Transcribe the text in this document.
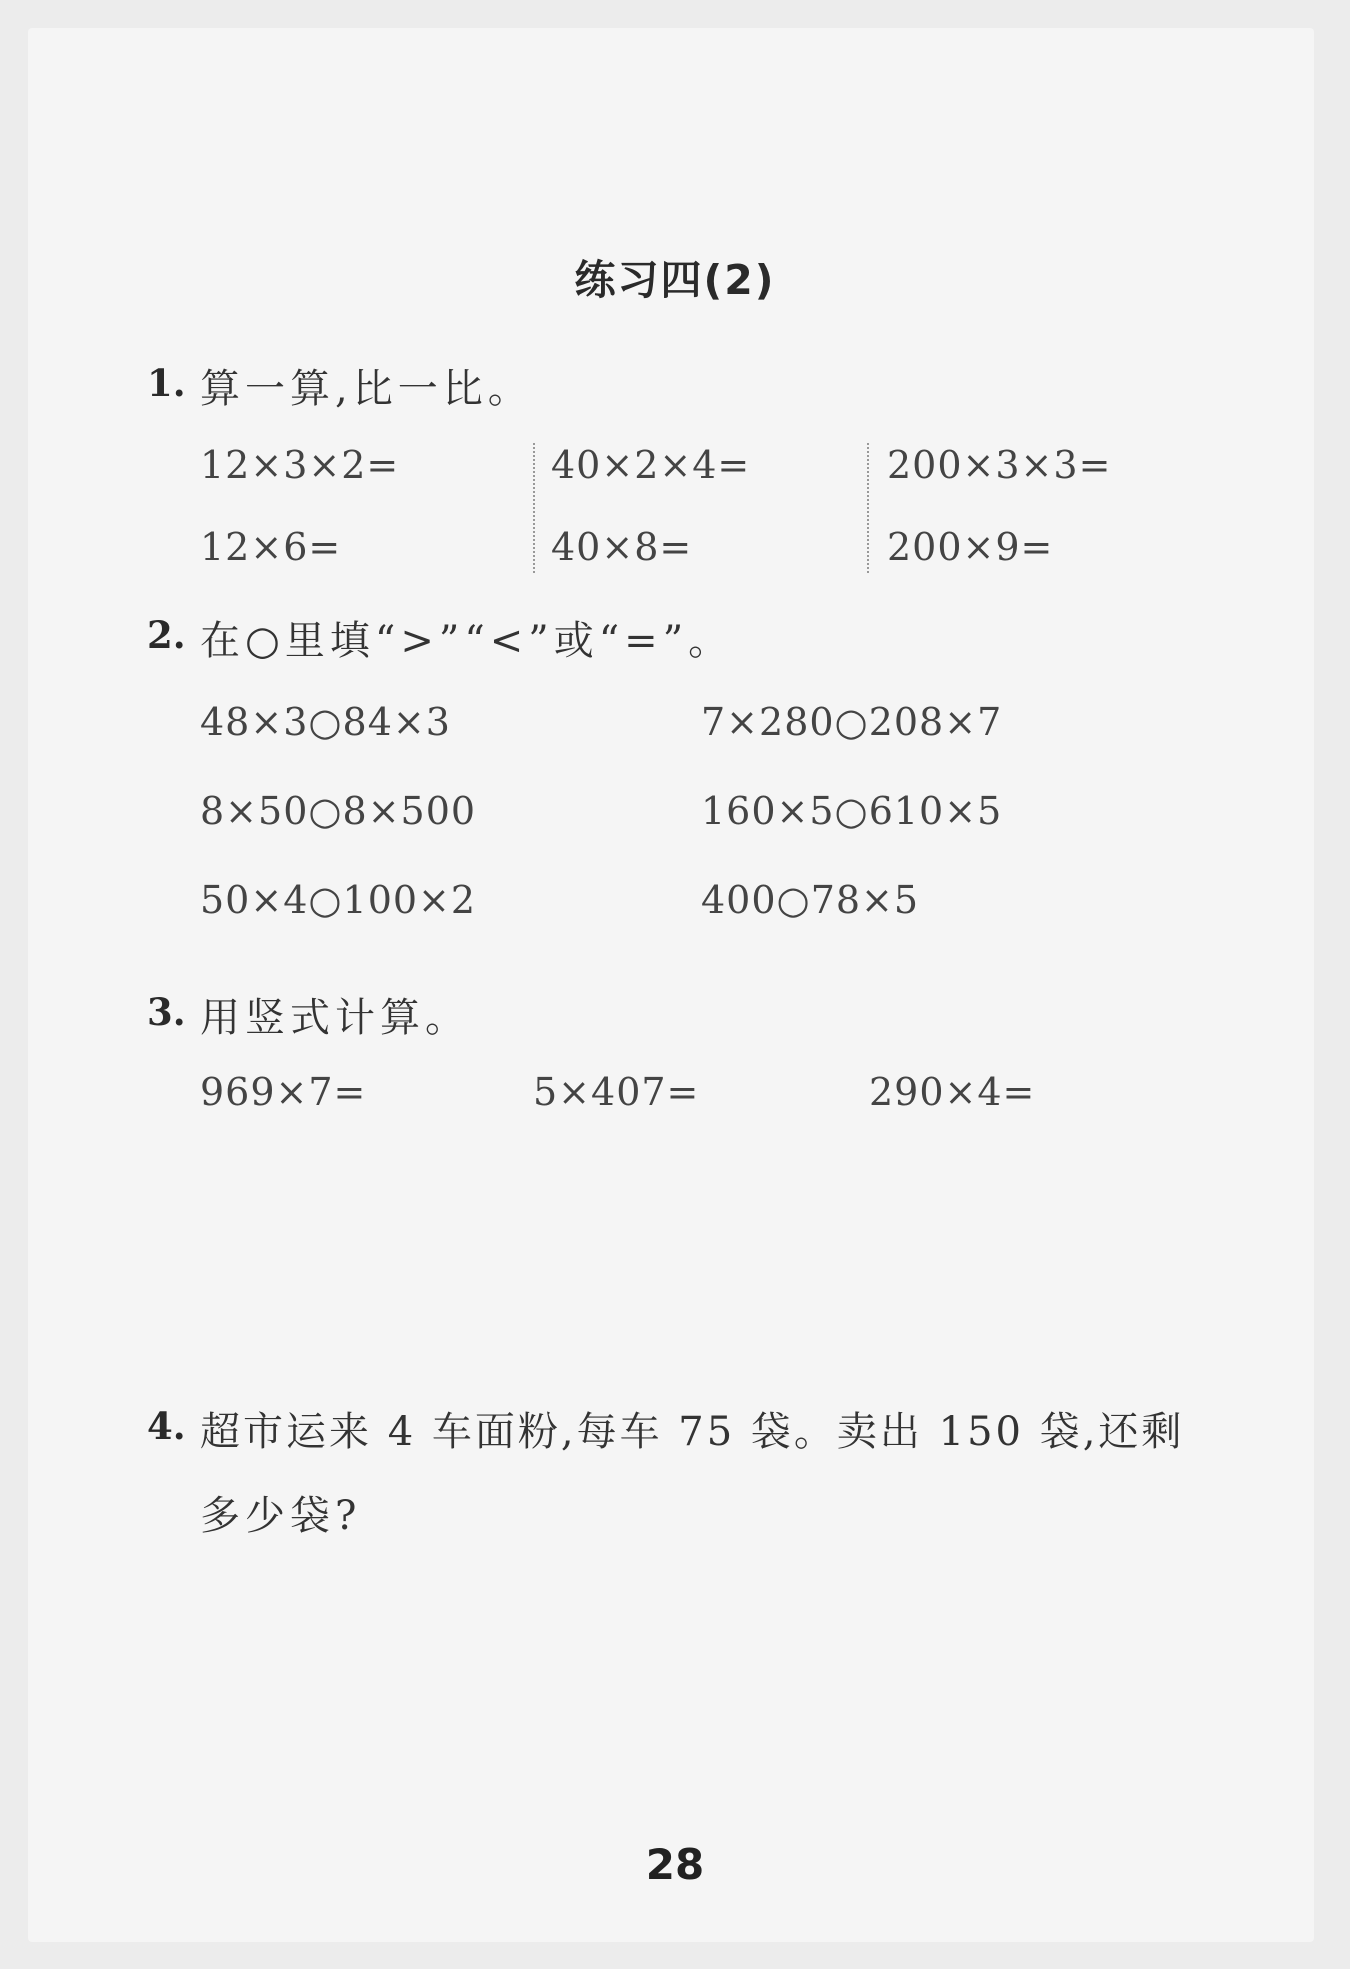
练习四(2)
1. 算一算,比一比。
12×3×2=	40×2×4=	200×3×3=
12×6=	40×8=	200×9=
2. 在○里填“>”“<”或“=”。
48×3○84×3	7×280○208×7
8×50○8×500	160×5○610×5
50×4○100×2	400○78×5
3. 用竖式计算。
969×7=	5×407=	290×4=
4. 超市运来 4 车面粉,每车 75 袋。卖出 150 袋,还剩
多少袋?
28
